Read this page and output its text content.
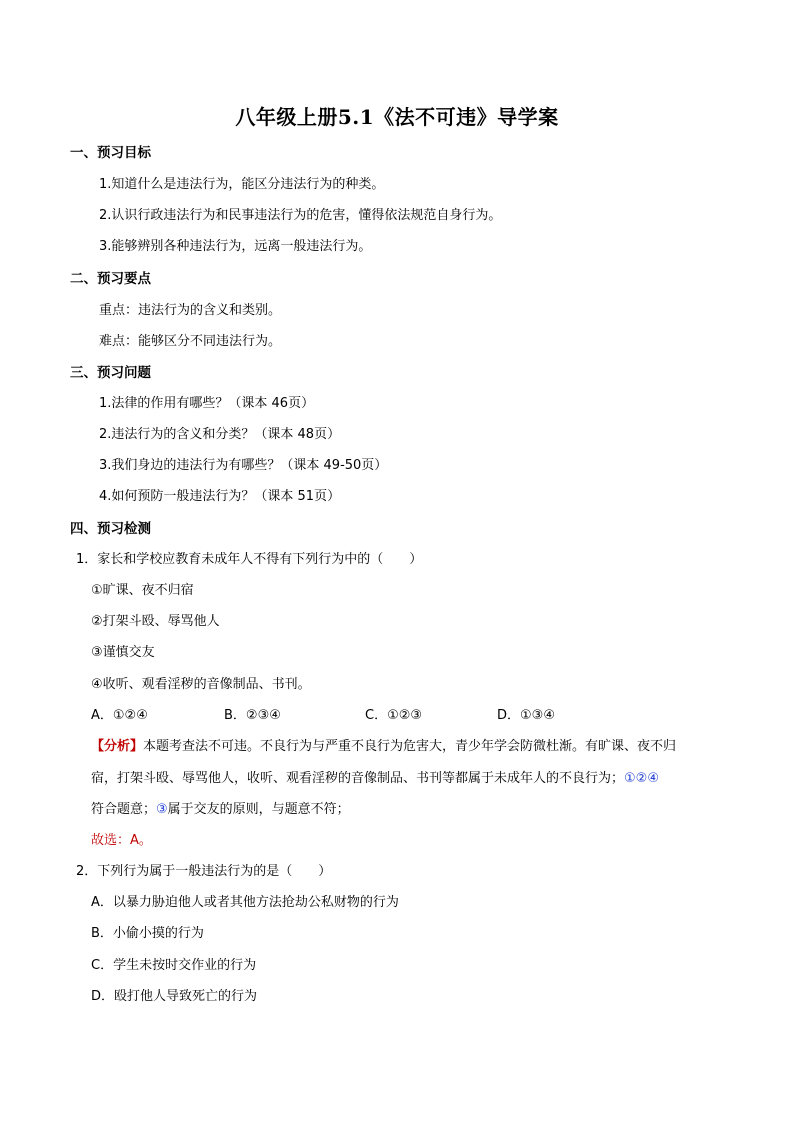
八年级上册5.1《法不可违》导学案
一、预习目标
1.知道什么是违法行为，能区分违法行为的种类。
2.认识行政违法行为和民事违法行为的危害，懂得依法规范自身行为。
3.能够辨别各种违法行为，远离一般违法行为。
二、预习要点
重点：违法行为的含义和类别。
难点：能够区分不同违法行为。
三、预习问题
1.法律的作用有哪些？（课本 46页）
2.违法行为的含义和分类？（课本 48页）
3.我们身边的违法行为有哪些？（课本 49-50页）
4.如何预防一般违法行为？（课本 51页）
四、预习检测
1．家长和学校应教育未成年人不得有下列行为中的（　　）
①旷课、夜不归宿
②打架斗殴、辱骂他人
③谨慎交友
④收听、观看淫秽的音像制品、书刊。
A．①②④	B．②③④	C．①②③	D．①③④
【分析】本题考查法不可违。不良行为与严重不良行为危害大，青少年学会防微杜渐。有旷课、夜不归
宿，打架斗殴、辱骂他人，收听、观看淫秽的音像制品、书刊等都属于未成年人的不良行为；①②④
符合题意；③属于交友的原则，与题意不符；
故选：A。
2．下列行为属于一般违法行为的是（　　）
A．以暴力胁迫他人或者其他方法抢劫公私财物的行为
B．小偷小摸的行为
C．学生未按时交作业的行为
D．殴打他人导致死亡的行为
